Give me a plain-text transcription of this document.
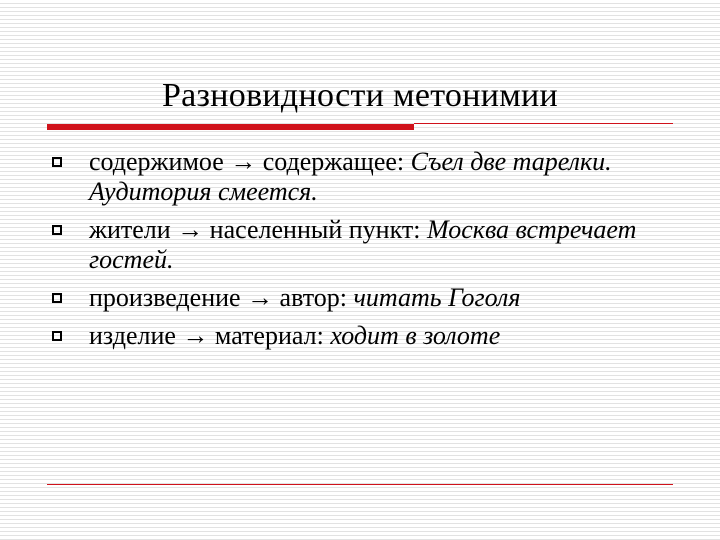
Разновидности метонимии
содержимое → содержащее: Съел две тарелки. Аудитория смеется.
жители → населенный пункт: Москва встречает гостей.
произведение → автор: читать Гоголя
изделие → материал: ходит в золоте
